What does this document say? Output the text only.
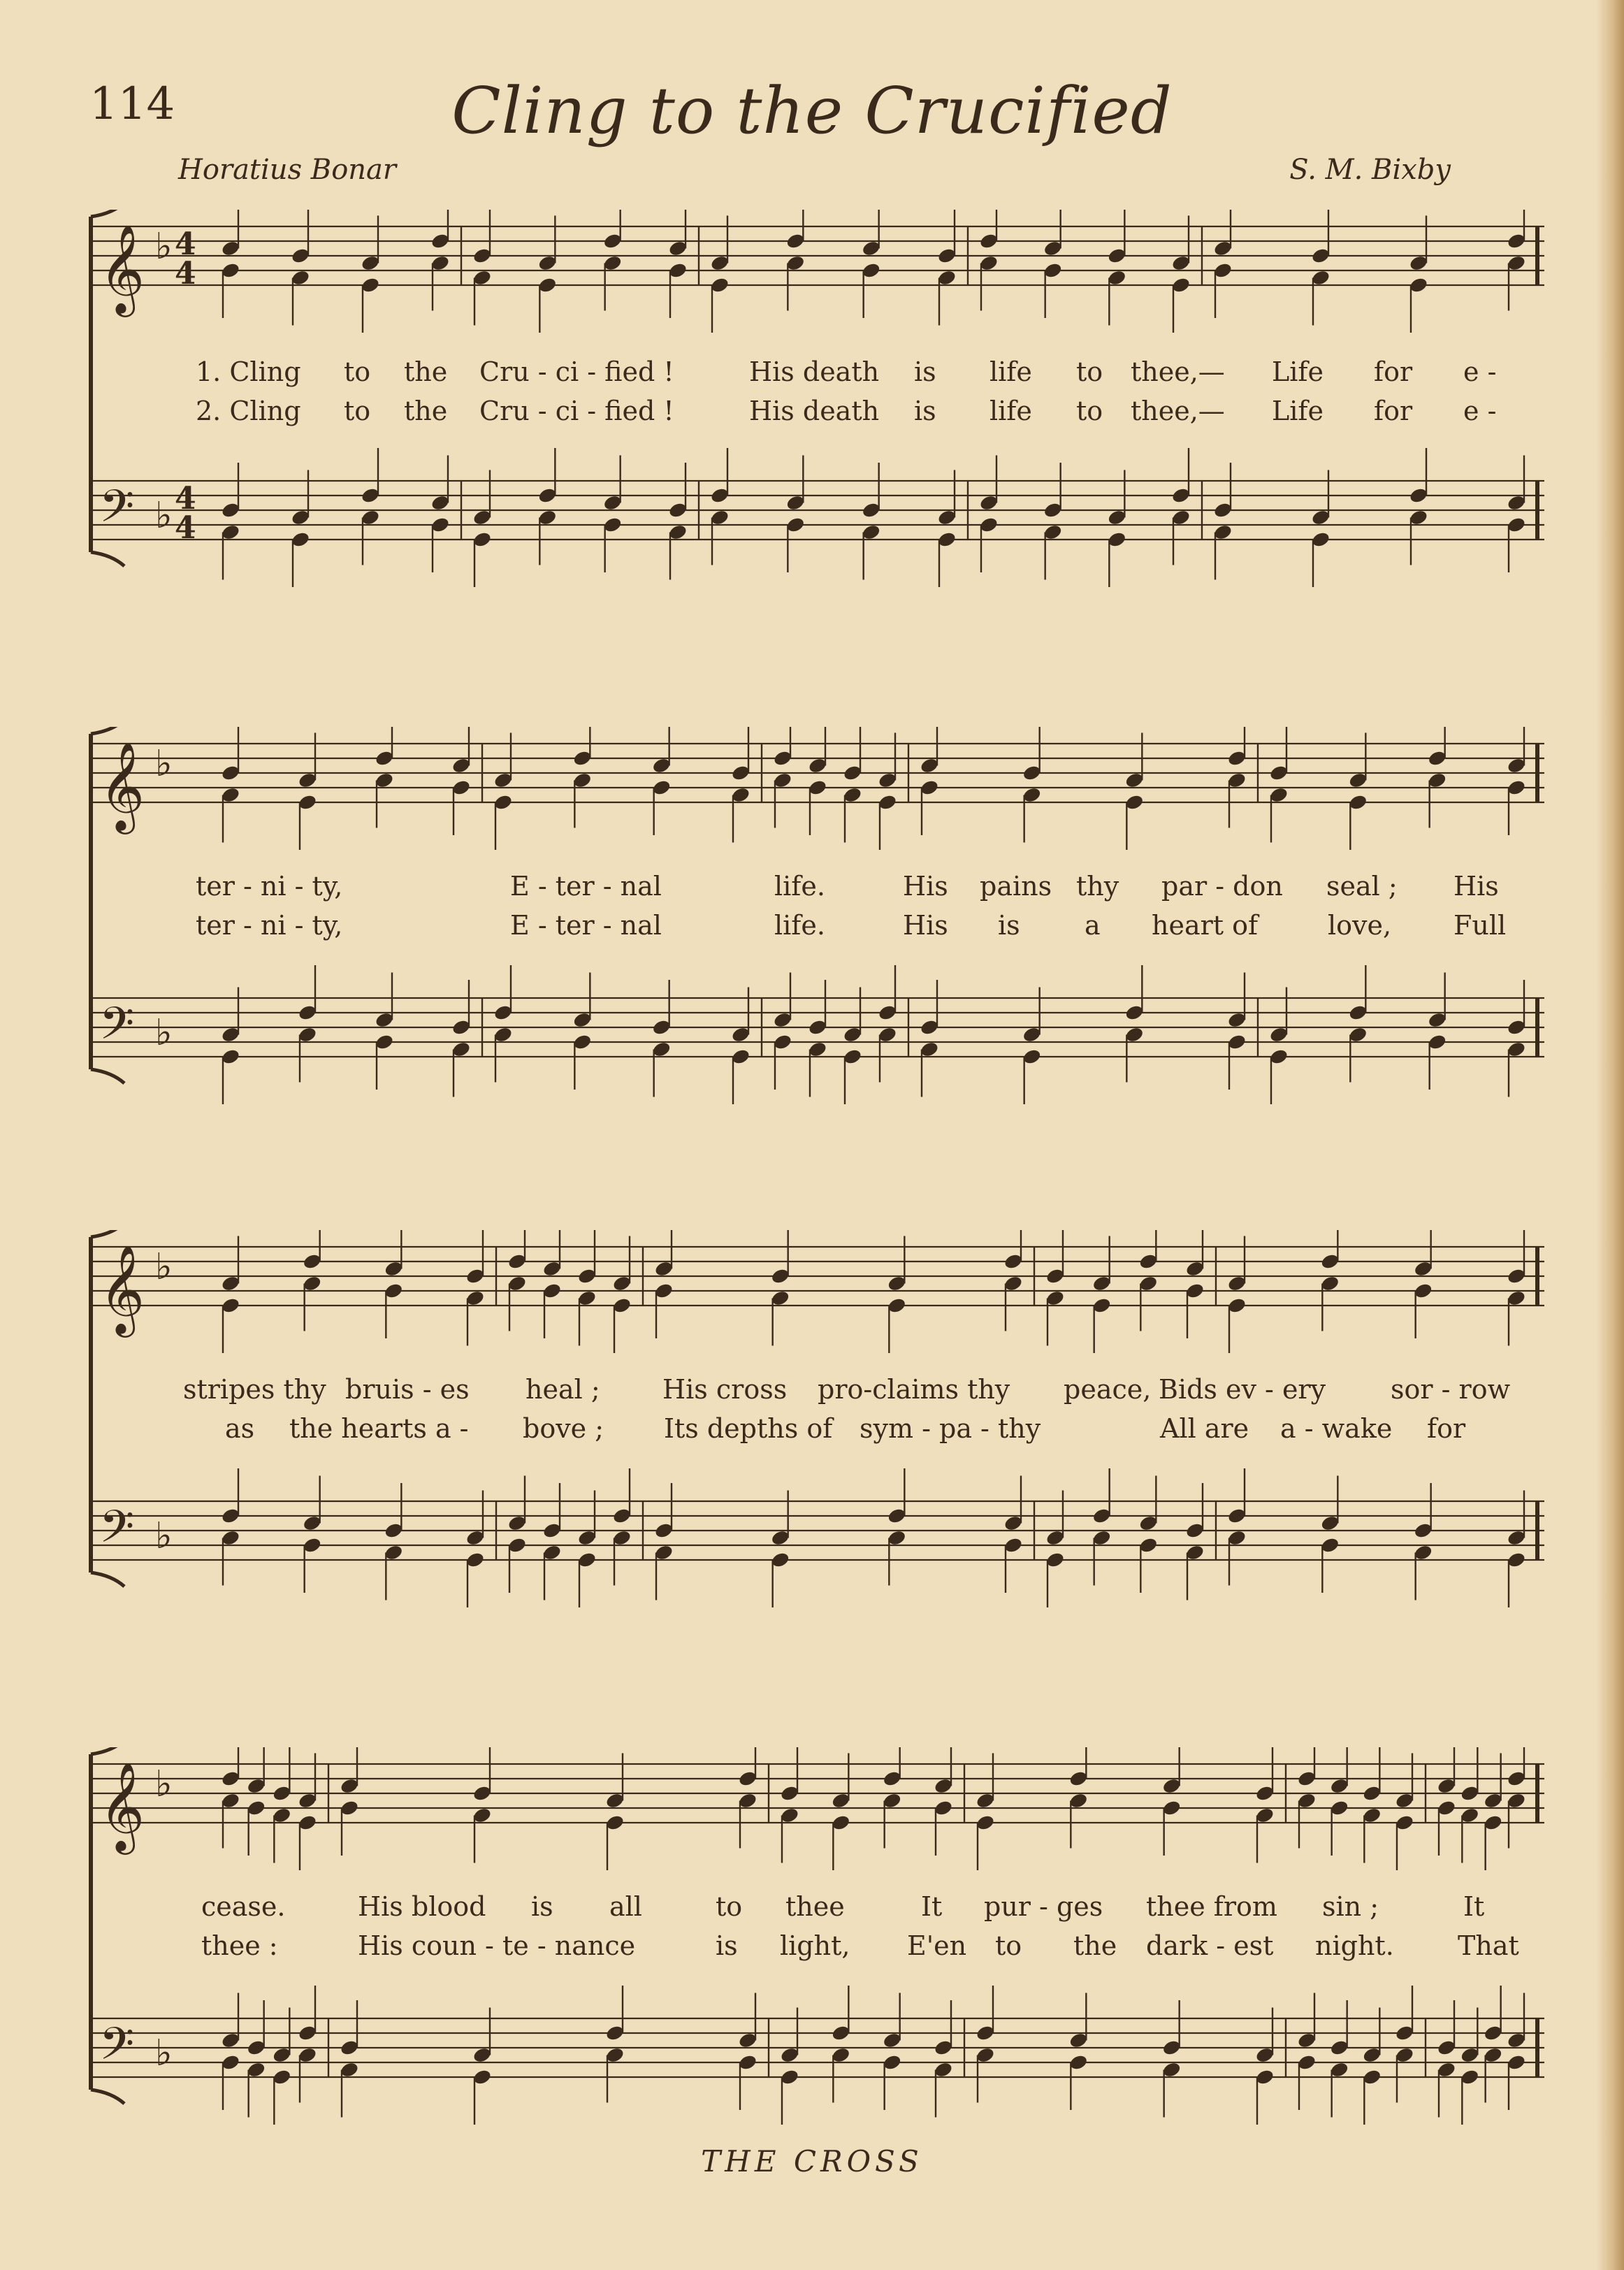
114	Cling to the Crucified
Horatius Bonar	S. M. Bixby
𝄞 ♭
𝄢 ♭
4
4
4
4
1. Cling to the Cru - ci - fied !	His death is life to thee,— Life for e -
2. Cling to the Cru - ci - fied !	His death is life to thee,— Life for e -
𝄞 ♭
𝄢 ♭
ter - ni - ty,	E - ter - nal	life.	His pains thy par - don seal ; His
ter - ni - ty,	E - ter - nal	life.	His is a heart of	love, Full
𝄞 ♭
𝄢 ♭
stripes thy bruis - es heal ; His cross pro-claims thy peace, Bids ev - ery sor - row
as the hearts a - bove ; Its depths of sym - pa - thy	All are a - wake for
𝄞 ♭
𝄢 ♭
cease.	His blood is all	to thee	It pur - ges thee from sin ;	It
thee :	His coun - te - nance	is light, E'en to the dark - est night. That
THE CROSS
